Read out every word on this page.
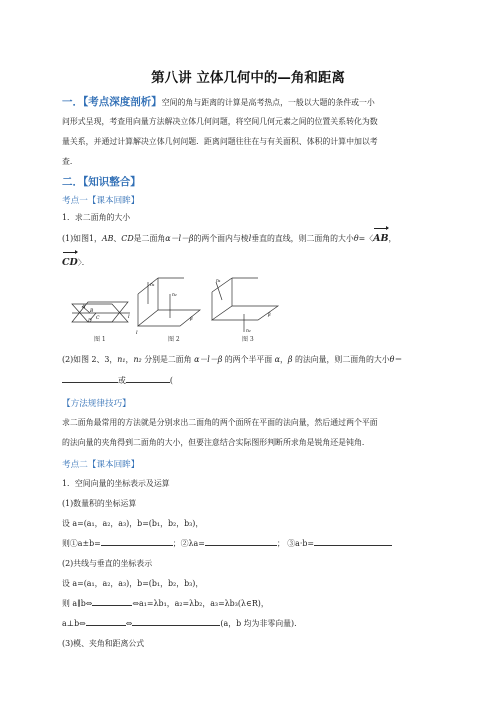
第八讲 立体几何中的—角和距离
一．【考点深度剖析】空间的角与距离的计算是高考热点，一般以大题的条件或一小
问形式呈现，考查用向量方法解决立体几何问题，将空间几何元素之间的位置关系转化为数
量关系，并通过计算解决立体几何问题．距离问题往往在与有关面积、体积的计算中加以考
查．
二．【知识整合】
考点一【课本回眸】
1．求二面角的大小
(1)如图1，AB、CD是二面角α－l－β的两个面内与棱l垂直的直线，则二面角的大小θ=〈AB，
CD〉．
l
A
B
C
D
图 1
n₁
n₂
l
β
图 2
n₁
n₂
β
图 3
(2)如图 2、3，n₁，n₂ 分别是二面角 α－l－β 的两个半平面 α，β 的法向量，则二面角的大小θ＝
或	(
【方法规律技巧】
求二面角最常用的方法就是分别求出二面角的两个面所在平面的法向量，然后通过两个平面
的法向量的夹角得到二面角的大小，但要注意结合实际图形判断所求角是锐角还是钝角．
考点二【课本回眸】
1．空间向量的坐标表示及运算
(1)数量积的坐标运算
设 a=(a₁，a₂，a₃)，b=(b₁，b₂，b₃)，
则①a±b=	；②λa=	； ③a·b=
(2)共线与垂直的坐标表示
设 a=(a₁，a₂，a₃)，b=(b₁，b₂，b₃)，
则 a∥b⇔	⇔a₁=λb₁，a₂=λb₂，a₃=λb₃(λ∈R)，
a⊥b⇔	⇔	(a，b 均为非零向量).
(3)模、夹角和距离公式
